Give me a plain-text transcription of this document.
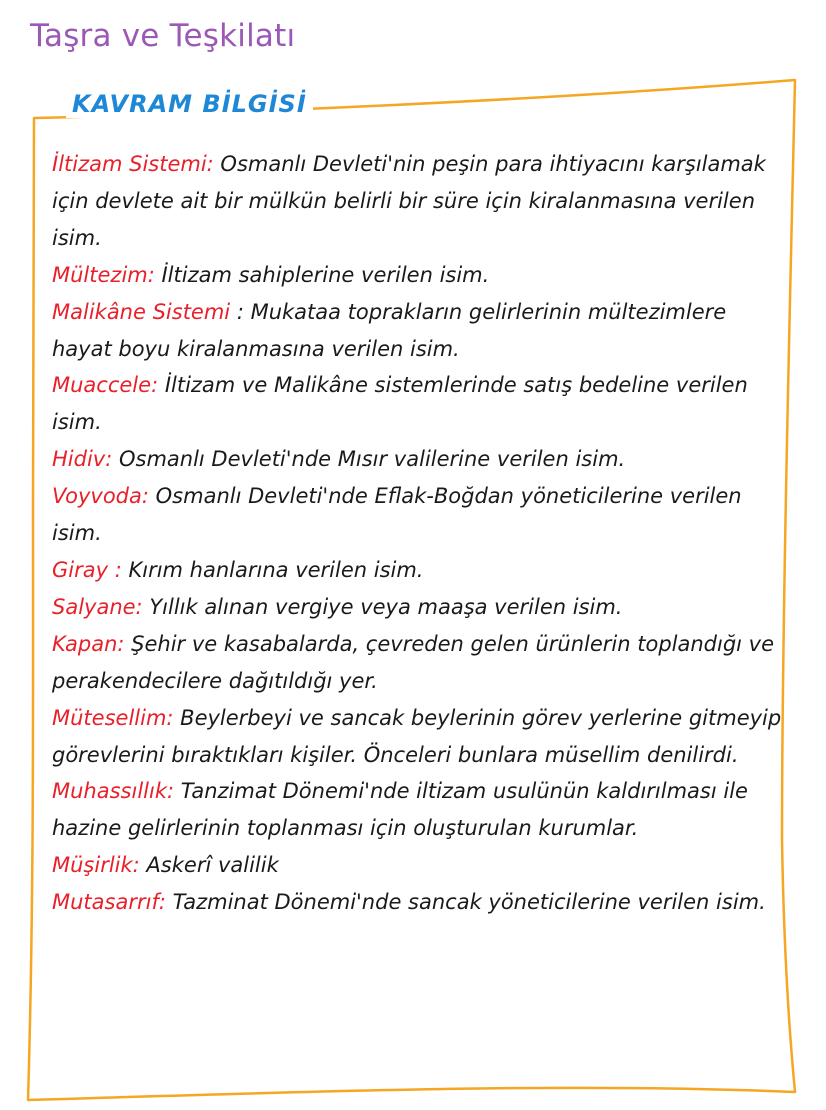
Taşra ve Teşkilatı
KAVRAM BİLGİSİ
İltizam Sistemi: Osmanlı Devleti'nin peşin para ihtiyacını karşılamak için devlete ait bir mülkün belirli bir süre için kiralanmasına verilen isim.
Mültezim: İltizam sahiplerine verilen isim.
Malikâne Sistemi : Mukataa toprakların gelirlerinin mültezimlere hayat boyu kiralanmasına verilen isim.
Muaccele: İltizam ve Malikâne sistemlerinde satış bedeline verilen isim.
Hidiv: Osmanlı Devleti'nde Mısır valilerine verilen isim.
Voyvoda: Osmanlı Devleti'nde Eflak-Boğdan yöneticilerine verilen isim.
Giray : Kırım hanlarına verilen isim.
Salyane: Yıllık alınan vergiye veya maaşa verilen isim.
Kapan: Şehir ve kasabalarda, çevreden gelen ürünlerin toplandığı ve perakendecilere dağıtıldığı yer.
Mütesellim: Beylerbeyi ve sancak beylerinin görev yerlerine gitmeyip görevlerini bıraktıkları kişiler. Önceleri bunlara müsellim denilirdi.
Muhassıllık: Tanzimat Dönemi'nde iltizam usulünün kaldırılması ile hazine gelirlerinin toplanması için oluşturulan kurumlar.
Müşirlik: Askerî valilik
Mutasarrıf: Tazminat Dönemi'nde sancak yöneticilerine verilen isim.
